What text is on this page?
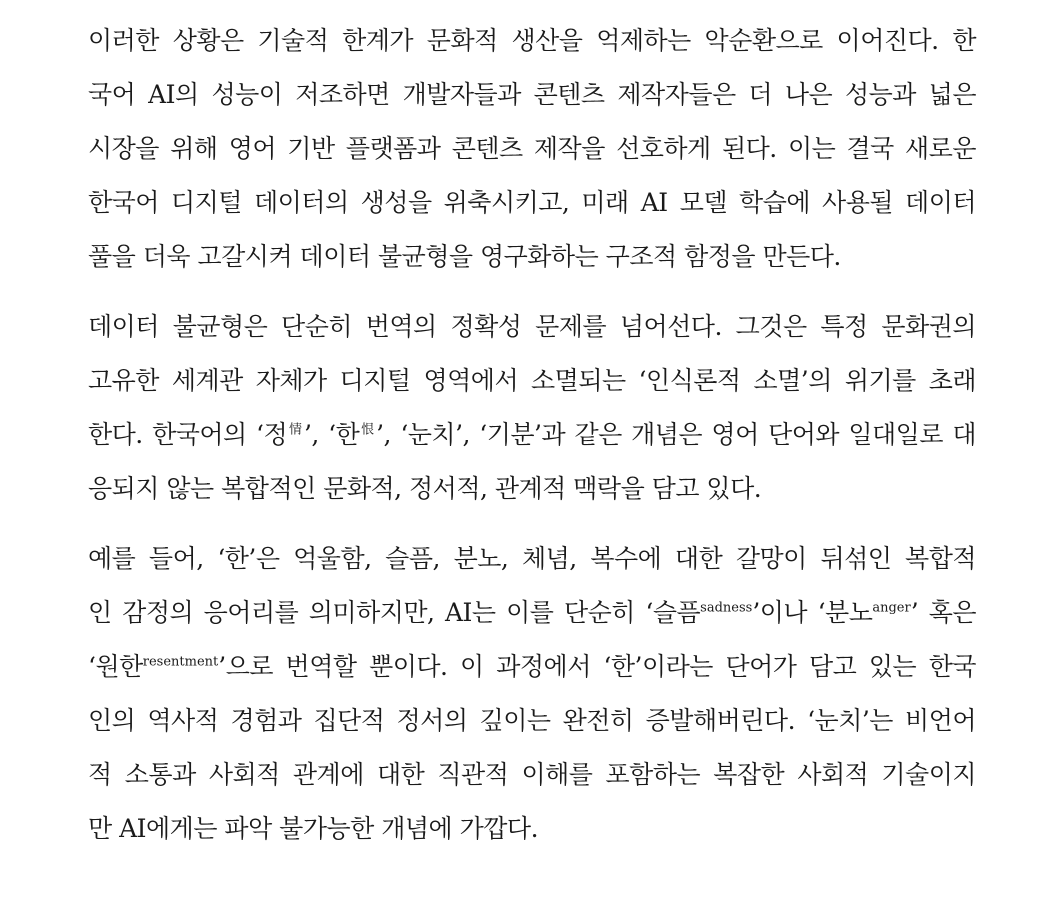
이러한 상황은 기술적 한계가 문화적 생산을 억제하는 악순환으로 이어진다. 한
국어 AI의 성능이 저조하면 개발자들과 콘텐츠 제작자들은 더 나은 성능과 넓은
시장을 위해 영어 기반 플랫폼과 콘텐츠 제작을 선호하게 된다. 이는 결국 새로운
한국어 디지털 데이터의 생성을 위축시키고, 미래 AI 모델 학습에 사용될 데이터
풀을 더욱 고갈시켜 데이터 불균형을 영구화하는 구조적 함정을 만든다.
데이터 불균형은 단순히 번역의 정확성 문제를 넘어선다. 그것은 특정 문화권의
고유한 세계관 자체가 디지털 영역에서 소멸되는 ‘인식론적 소멸’의 위기를 초래
한다. 한국어의 ‘정$^情$’, ‘한$^恨$’, ‘눈치’, ‘기분’과 같은 개념은 영어 단어와 일대일로 대
응되지 않는 복합적인 문화적, 정서적, 관계적 맥락을 담고 있다.
예를 들어, ‘한’은 억울함, 슬픔, 분노, 체념, 복수에 대한 갈망이 뒤섞인 복합적
인 감정의 응어리를 의미하지만, AI는 이를 단순히 ‘슬픔$^{sadness}$’이나 ‘분노$^{anger}$’ 혹은
‘원한$^{resentment}$’으로 번역할 뿐이다. 이 과정에서 ‘한’이라는 단어가 담고 있는 한국
인의 역사적 경험과 집단적 정서의 깊이는 완전히 증발해버린다. ‘눈치’는 비언어
적 소통과 사회적 관계에 대한 직관적 이해를 포함하는 복잡한 사회적 기술이지
만 AI에게는 파악 불가능한 개념에 가깝다.
